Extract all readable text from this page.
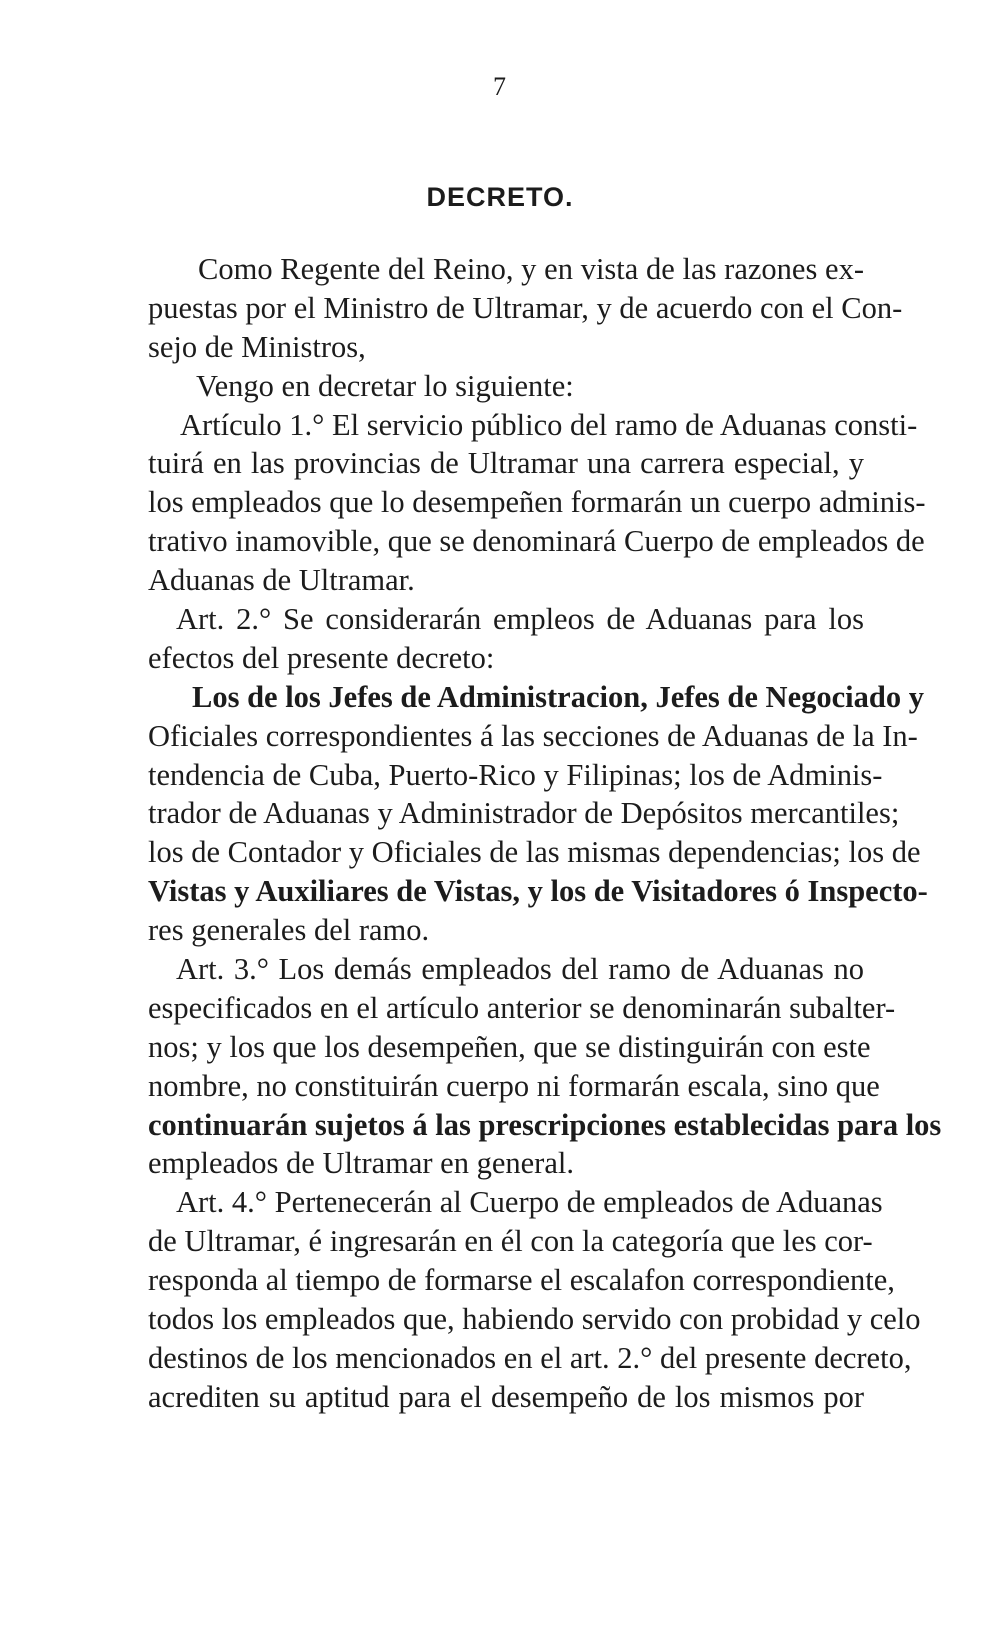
7
DECRETO.
Como Regente del Reino, y en vista de las razones ex-
puestas por el Ministro de Ultramar, y de acuerdo con el Con-
sejo de Ministros,
Vengo en decretar lo siguiente:
Artículo 1.° El servicio público del ramo de Aduanas consti-
tuirá en las provincias de Ultramar una carrera especial, y
los empleados que lo desempeñen formarán un cuerpo adminis-
trativo inamovible, que se denominará Cuerpo de empleados de
Aduanas de Ultramar.
Art. 2.° Se considerarán empleos de Aduanas para los
efectos del presente decreto:
Los de los Jefes de Administracion, Jefes de Negociado y
Oficiales correspondientes á las secciones de Aduanas de la In-
tendencia de Cuba, Puerto-Rico y Filipinas; los de Adminis-
trador de Aduanas y Administrador de Depósitos mercantiles;
los de Contador y Oficiales de las mismas dependencias; los de
Vistas y Auxiliares de Vistas, y los de Visitadores ó Inspecto-
res generales del ramo.
Art. 3.° Los demás empleados del ramo de Aduanas no
especificados en el artículo anterior se denominarán subalter-
nos; y los que los desempeñen, que se distinguirán con este
nombre, no constituirán cuerpo ni formarán escala, sino que
continuarán sujetos á las prescripciones establecidas para los
empleados de Ultramar en general.
Art. 4.° Pertenecerán al Cuerpo de empleados de Aduanas
de Ultramar, é ingresarán en él con la categoría que les cor-
responda al tiempo de formarse el escalafon correspondiente,
todos los empleados que, habiendo servido con probidad y celo
destinos de los mencionados en el art. 2.° del presente decreto,
acrediten su aptitud para el desempeño de los mismos por
